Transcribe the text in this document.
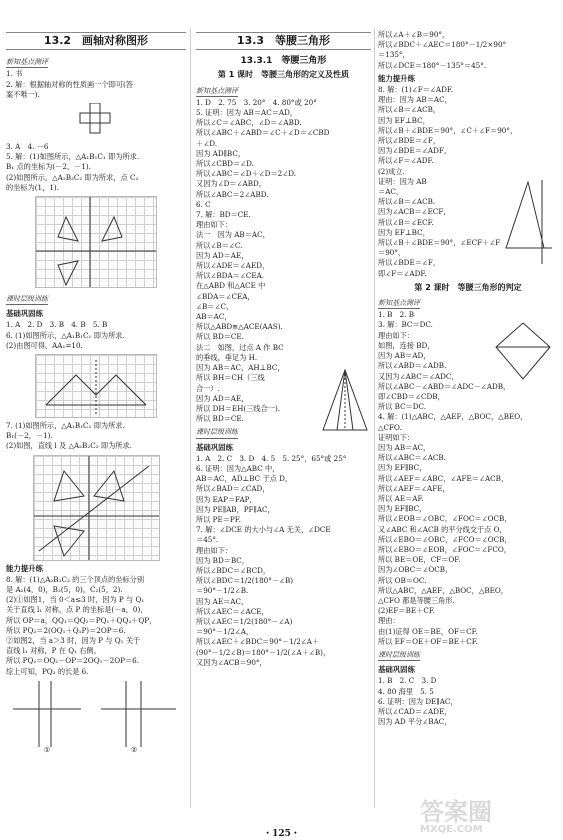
13.2　画轴对称图形
新知基点测评
1. 书
2. 解：根据轴对称的性质画一个即可(答
案不唯一).
3. A　4. －6
5. 解：(1)如图所示，△A₁B₁C₁ 即为所求.
B₁ 点的坐标为(－2，－1).
(2)如图所示，△A₂B₂C₂ 即为所求，点 C₂
的坐标为(1，1).
课时层级训练
基础巩固练
1. A　2. D　3. B　4. B　5. B
6. (1)如图所示，△A₁B₁C₁ 即为所求.
(2)由图可得，AA₁=10.
7. (1)如图所示，△A₁B₁C₁ 即为所求.
B₁(－2，－1).
(2)如图，直线 l 及 △A₂B₂C₂ 即为所求.
能力提升练
8. 解：(1)△A₂B₂C₂ 的三个顶点的坐标分别
是 A₂(4，0)，B₂(5，0)，C₂(5，2).
(2)①如图1，当 0＜a≤3 时，因为 P 与 Q₁
关于直线 l₁ 对称，点 P 的坐标是(－a，0)，
所以 OP＝a，QQ₁＝QQ₂＝PQ₁＋QQ₂＋QP，
所以 PQ₂＝2(OQ₁＋Q₁P)＝2OP＝6.
②如图2，当 a＞3 时，因为 P 与 Q₁ 关于
直线 l₁ 对称，P 在 Q₁ 右侧，
所以 PQ₂＝OQ₂－OP＝2OQ₁－2OP＝6.
综上可知，PQ₂ 的长是 6.
①	②
13.3　等腰三角形
13.3.1　等腰三角形
第 1 课时　等腰三角形的定义及性质
新知基点测评
1. D　2. 75　3. 20°　4. 80°或 20°
5. 证明：因为 AB＝AC＝AD，
所以∠C＝∠ABC，∠D＝∠ABD.
所以∠ABC＋∠ABD＝∠C＋∠D＝∠CBD
＋∠D.
因为 AD∥BC，
所以∠CBD＝∠D.
所以∠ABC＝∠D＋∠D＝2∠D.
又因为∠D＝∠ABD，
所以∠ABC＝2∠ABD.
6. C
7. 解：BD＝CE.
理由如下：
法一　因为 AB＝AC，
所以∠B＝∠C.
因为 AD＝AE，
所以∠ADE＝∠AED，
所以∠BDA＝∠CEA.
在△ABD 和△ACE 中
∠BDA＝∠CEA，
∠B＝∠C，
AB＝AC，
所以△ABD≌△ACE(AAS).
所以 BD＝CE.
法二　如图，过点 A 作 BC
的垂线，垂足为 H.
因为 AB＝AC，AH⊥BC，
所以 BH＝CH（三线
合一）.
因为 AD＝AE，
所以 DH＝EH(三线合一).
所以 BD＝CE.
课时层级训练
基础巩固练
1. A　2. C　3. D　4. 5　5. 25°，65°或 25°
6. 证明：因为△ABC 中，
AB＝AC，AD⊥BC 于点 D，
所以∠BAD＝∠CAD，
因为 EAP＝FAP，
因为 PE∥AB，PF∥AC，
所以 PE＝PF.
7. 解：∠DCE 的大小与∠A 无关，∠DCE
＝45°.
理由如下：
因为 BD＝BC，
所以∠BDC＝∠BCD，
所以∠BDC＝1/2(180°－∠B)
＝90°－1/2∠B.
因为 AE＝AC，
所以∠AEC＝∠ACE，
所以∠AEC＝1/2(180°－∠A)
＝90°－1/2∠A，
所以∠AEC＋∠BDC＝90°－1/2∠A＋
(90°－1/2∠B)＝180°－1/2(∠A＋∠B)，
又因为∠ACB＝90°，
所以∠A＋∠B＝90°，
所以∠BDC＋∠AEC＝180°－1/2×90°
＝135°，
所以∠DCE＝180°－135°＝45°.
能力提升练
8. 解：(1)∠F＝∠ADF.
理由：因为 AB＝AC，
所以∠B＝∠ACB，
因为 EF⊥BC，
所以∠B＋∠BDE＝90°，∠C＋∠F＝90°，
所以∠BDE＝∠F，
因为∠BDE＝∠ADF，
所以∠F＝∠ADF.
(2)成立.
证明：因为 AB
＝AC，
所以∠B＝∠ACB.
因为∠ACB＝∠ECF，
所以∠B＝∠ECF.
因为 EF⊥BC，
所以∠B＋∠BDE＝90°，∠ECF＋∠F
＝90°，
所以∠BDE＝∠F，
即∠F＝∠ADF.
第 2 课时　等腰三角形的判定
新知基点测评
1. B　2. B
3. 解：BC＝DC.
理由如下：
如图，连接 BD，
因为 AB＝AD，
所以∠ABD＝∠ADB.
又因为∠ABC＝∠ADC，
所以∠ABC－∠ABD＝∠ADC－∠ADB，
即∠CBD＝∠CDB，
所以 BC＝DC.
4. 解：(1)△ABC，△AEF，△BOC，△BEO，
△CFO.
证明如下：
因为 AB＝AC，
所以∠ABC＝∠ACB.
因为 EF∥BC，
所以∠AEF＝∠ABC，∠AFE＝∠ACB，
所以∠AEF＝∠AFE，
所以 AE＝AF.
因为 EF∥BC，
所以∠EOB＝∠OBC，∠FOC＝∠OCB，
又∠ABC 和∠ACB 的平分线交于点 O，
所以∠EBO＝∠OBC，∠FCO＝∠OCB，
所以∠EBO＝∠EOB，∠FOC＝∠FCO，
所以 BE＝OE，CF＝OF.
因为∠OBC＝∠OCB，
所以 OB＝OC.
所以△ABC，△AEF，△BOC，△BEO，
△CFO 都是等腰三角形.
(2)EF＝BE＋CF.
理由：
由(1)证得 OE＝BE，OF＝CF.
所以 EF＝OE＋OF＝BE＋CF.
课时层级训练
基础巩固练
1. B　2. C　3. D
4. 80 海里　5. 5
6. 证明：因为 DE∥AC，
所以∠CAD＝∠ADE，
因为 AD 平分∠BAC，
・125・
答案圈
MXQE.COM
